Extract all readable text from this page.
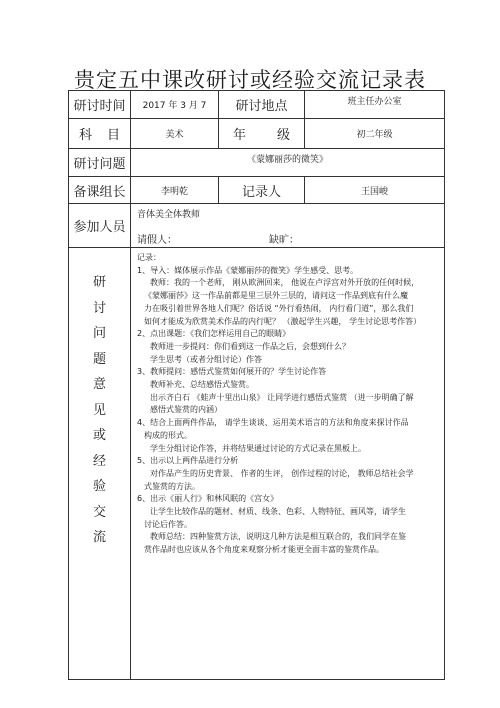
贵定五中课改研讨或经验交流记录表
研讨时间	2017 年 3 月 7	研讨地点	班主任办公室
科 目	美术	年 级	初二年级
研讨问题	《蒙娜丽莎的微笑》
备课组长	李明乾	记录人	王国峻
参加人员
音体美全体教师
请假人：	缺旷：
研
讨
问
题
意
见
或
经
验
交
流

记录：

1、导入：媒体展示作品《蒙娜丽莎的微笑》学生感受、思考。

教师：我的一个老师， 刚从欧洲回来， 他说在卢浮宫对外开放的任何时候，

《蒙娜丽莎》这一作品前都是里三层外三层的，请问这一作品到底有什么魔

力在吸引着世界各地人们呢？俗话说 “外行看热闹， 内行看门道”，那么我们

如何才能成为欣赏美术作品的内行呢？ （激起学生兴趣， 学生讨论思考作答）

2、点出课题：《我们怎样运用自己的眼睛》

教师进一步提问：你们看到这一作品之后，会想到什么？

学生思考（或者分组讨论）作答

3、教师提问：感悟式鉴赏如何展开的？学生讨论作答

教师补充、总结感悟式鉴赏。

出示齐白石 《蛙声十里出山泉》 让同学进行感悟式鉴赏 （进一步明确了解

感悟式鉴赏的内涵）

4、结合上面两件作品， 请学生谈谈、运用美术语言的方法和角度来探讨作品

构成的形式。

学生分组讨论作答，并将结果通过讨论的方式记录在黑板上。

5、出示以上两件品进行分析

对作品产生的历史背景、 作者的生评， 创作过程的讨论， 教师总结社会学

式鉴赏的方法。

6、出示《丽人行》和林风眠的《宫女》

让学生比较作品的题材、材质、线条、色彩、人物特征、画风等，请学生

讨论后作答。

教师总结：四种鉴赏方法，说明这几种方法是相互联合的，我们同学在鉴

赏作品时也应该从各个角度来观察分析才能更全面丰富的鉴赏作品。
